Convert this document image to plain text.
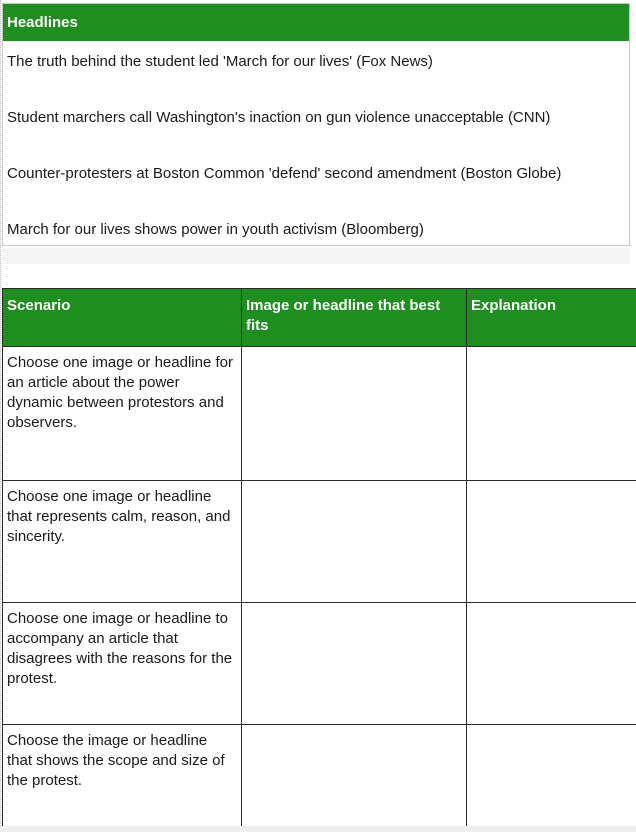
Headlines
The truth behind the student led 'March for our lives' (Fox News)
Student marchers call Washington's inaction on gun violence unacceptable (CNN)
Counter-protesters at Boston Common 'defend' second amendment (Boston Globe)
March for our lives shows power in youth activism (Bloomberg)
Scenario	Image or headline that best fits	Explanation
Choose one image or headline for an article about the power dynamic between protestors and observers.		
Choose one image or headline that represents calm, reason, and sincerity.		
Choose one image or headline to accompany an article that disagrees with the reasons for the protest.		
Choose the image or headline that shows the scope and size of the protest.		
